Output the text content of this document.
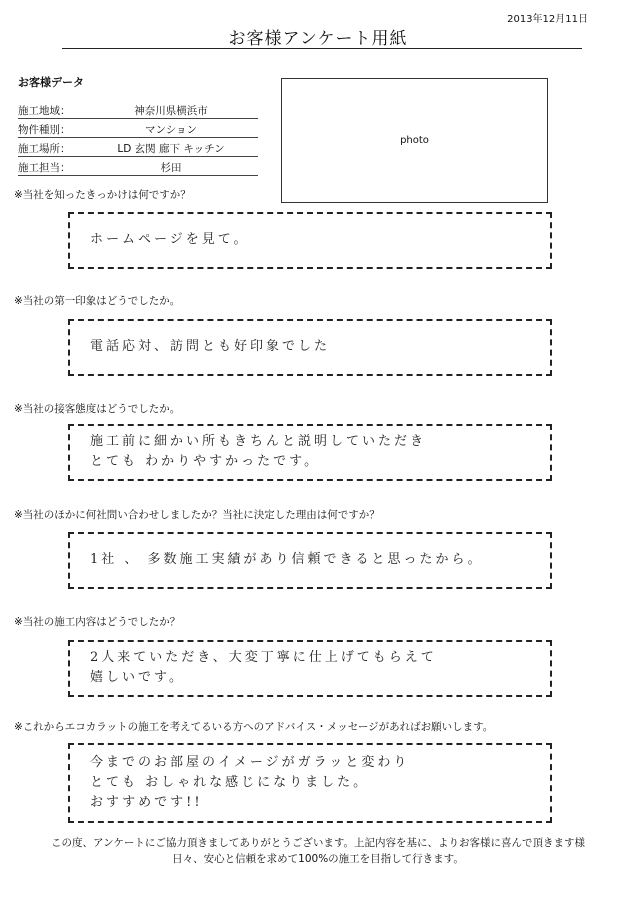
2013年12月11日
お客様アンケート用紙
お客様データ
施工地域：	神奈川県横浜市
物件種別：	マンション
施工場所：	LD 玄関 廊下 キッチン
施工担当：	杉田
photo
※当社を知ったきっかけは何ですか？
ホームページを見て。
※当社の第一印象はどうでしたか。
電話応対、訪問とも好印象でした
※当社の接客態度はどうでしたか。
施工前に細かい所もきちんと説明していただき
とても わかりやすかったです。
※当社のほかに何社問い合わせしましたか？当社に決定した理由は何ですか？
1社 、 多数施工実績があり信頼できると思ったから。
※当社の施工内容はどうでしたか？
2人来ていただき、大変丁寧に仕上げてもらえて
嬉しいです。
※これからエコカラットの施工を考えてるいる方へのアドバイス・メッセージがあればお願いします。
今までのお部屋のイメージがガラッと変わり
とても おしゃれな感じになりました。
おすすめです!!
この度、アンケートにご協力頂きましてありがとうございます。上記内容を基に、よりお客様に喜んで頂きます様
日々、安心と信頼を求めて100%の施工を目指して行きます。
